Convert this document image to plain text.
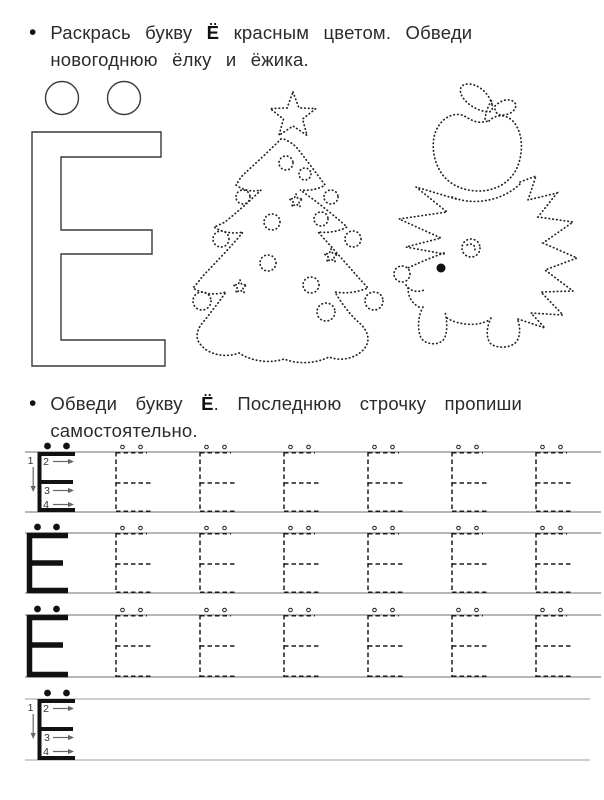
• Раскрась букву Ё красным цветом. Обведи
новогоднюю ёлку и ёжика.
• Обведи букву Ё. Последнюю строчку пропиши
самостоятельно.
1 2
3
4
1 2
3
4
